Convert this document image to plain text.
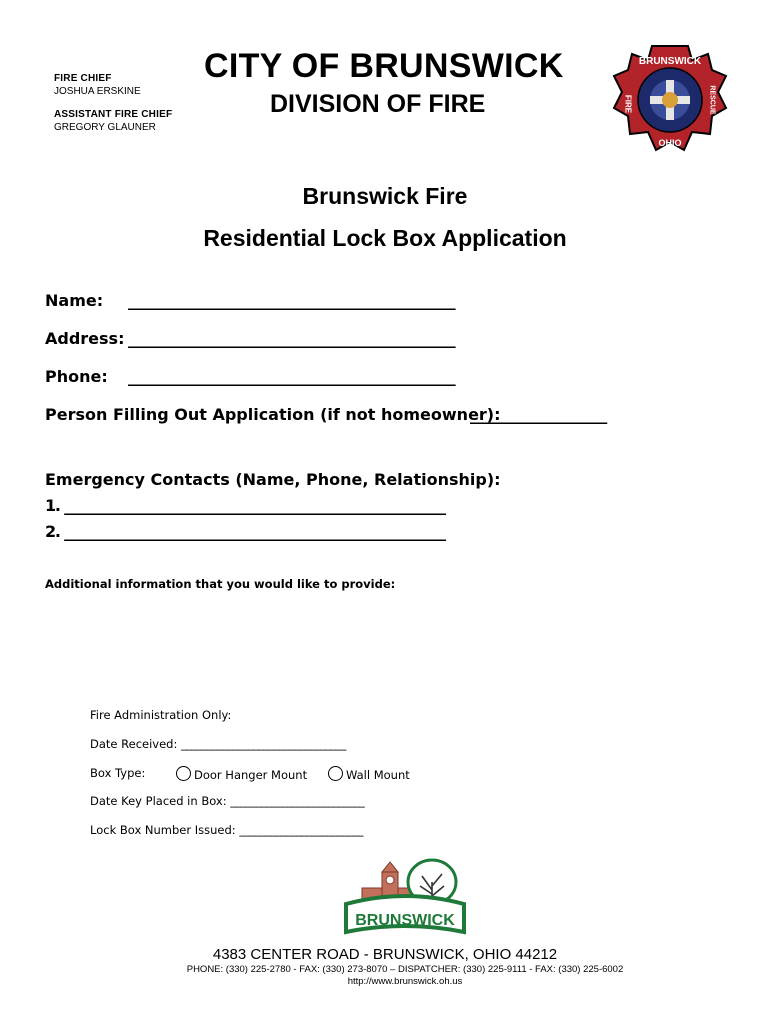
FIRE CHIEF
JOSHUA ERSKINE
ASSISTANT FIRE CHIEF
GREGORY GLAUNER
CITY OF BRUNSWICK
DIVISION OF FIRE
BRUNSWICK
OHIO
FIRE	RESCUE
Brunswick Fire
Residential Lock Box Application
Name: ________________________________________________
Address: ________________________________________________
Phone: ________________________________________________
Person Filling Out Application (if not homeowner):
____________________
Emergency Contacts (Name, Phone, Relationship):
1. ________________________________________________________
2. ________________________________________________________
Additional information that you would like to provide:
Fire Administration Only:
Date Received: ________________________________
Box Type:	Door Hanger Mount	Wall Mount
Date Key Placed in Box: __________________________
Lock Box Number Issued: ________________________
BRUNSWICK
4383 CENTER ROAD - BRUNSWICK, OHIO 44212
PHONE: (330) 225-2780 - FAX: (330) 273-8070 – DISPATCHER: (330) 225-9111 - FAX: (330) 225-6002
http://www.brunswick.oh.us
